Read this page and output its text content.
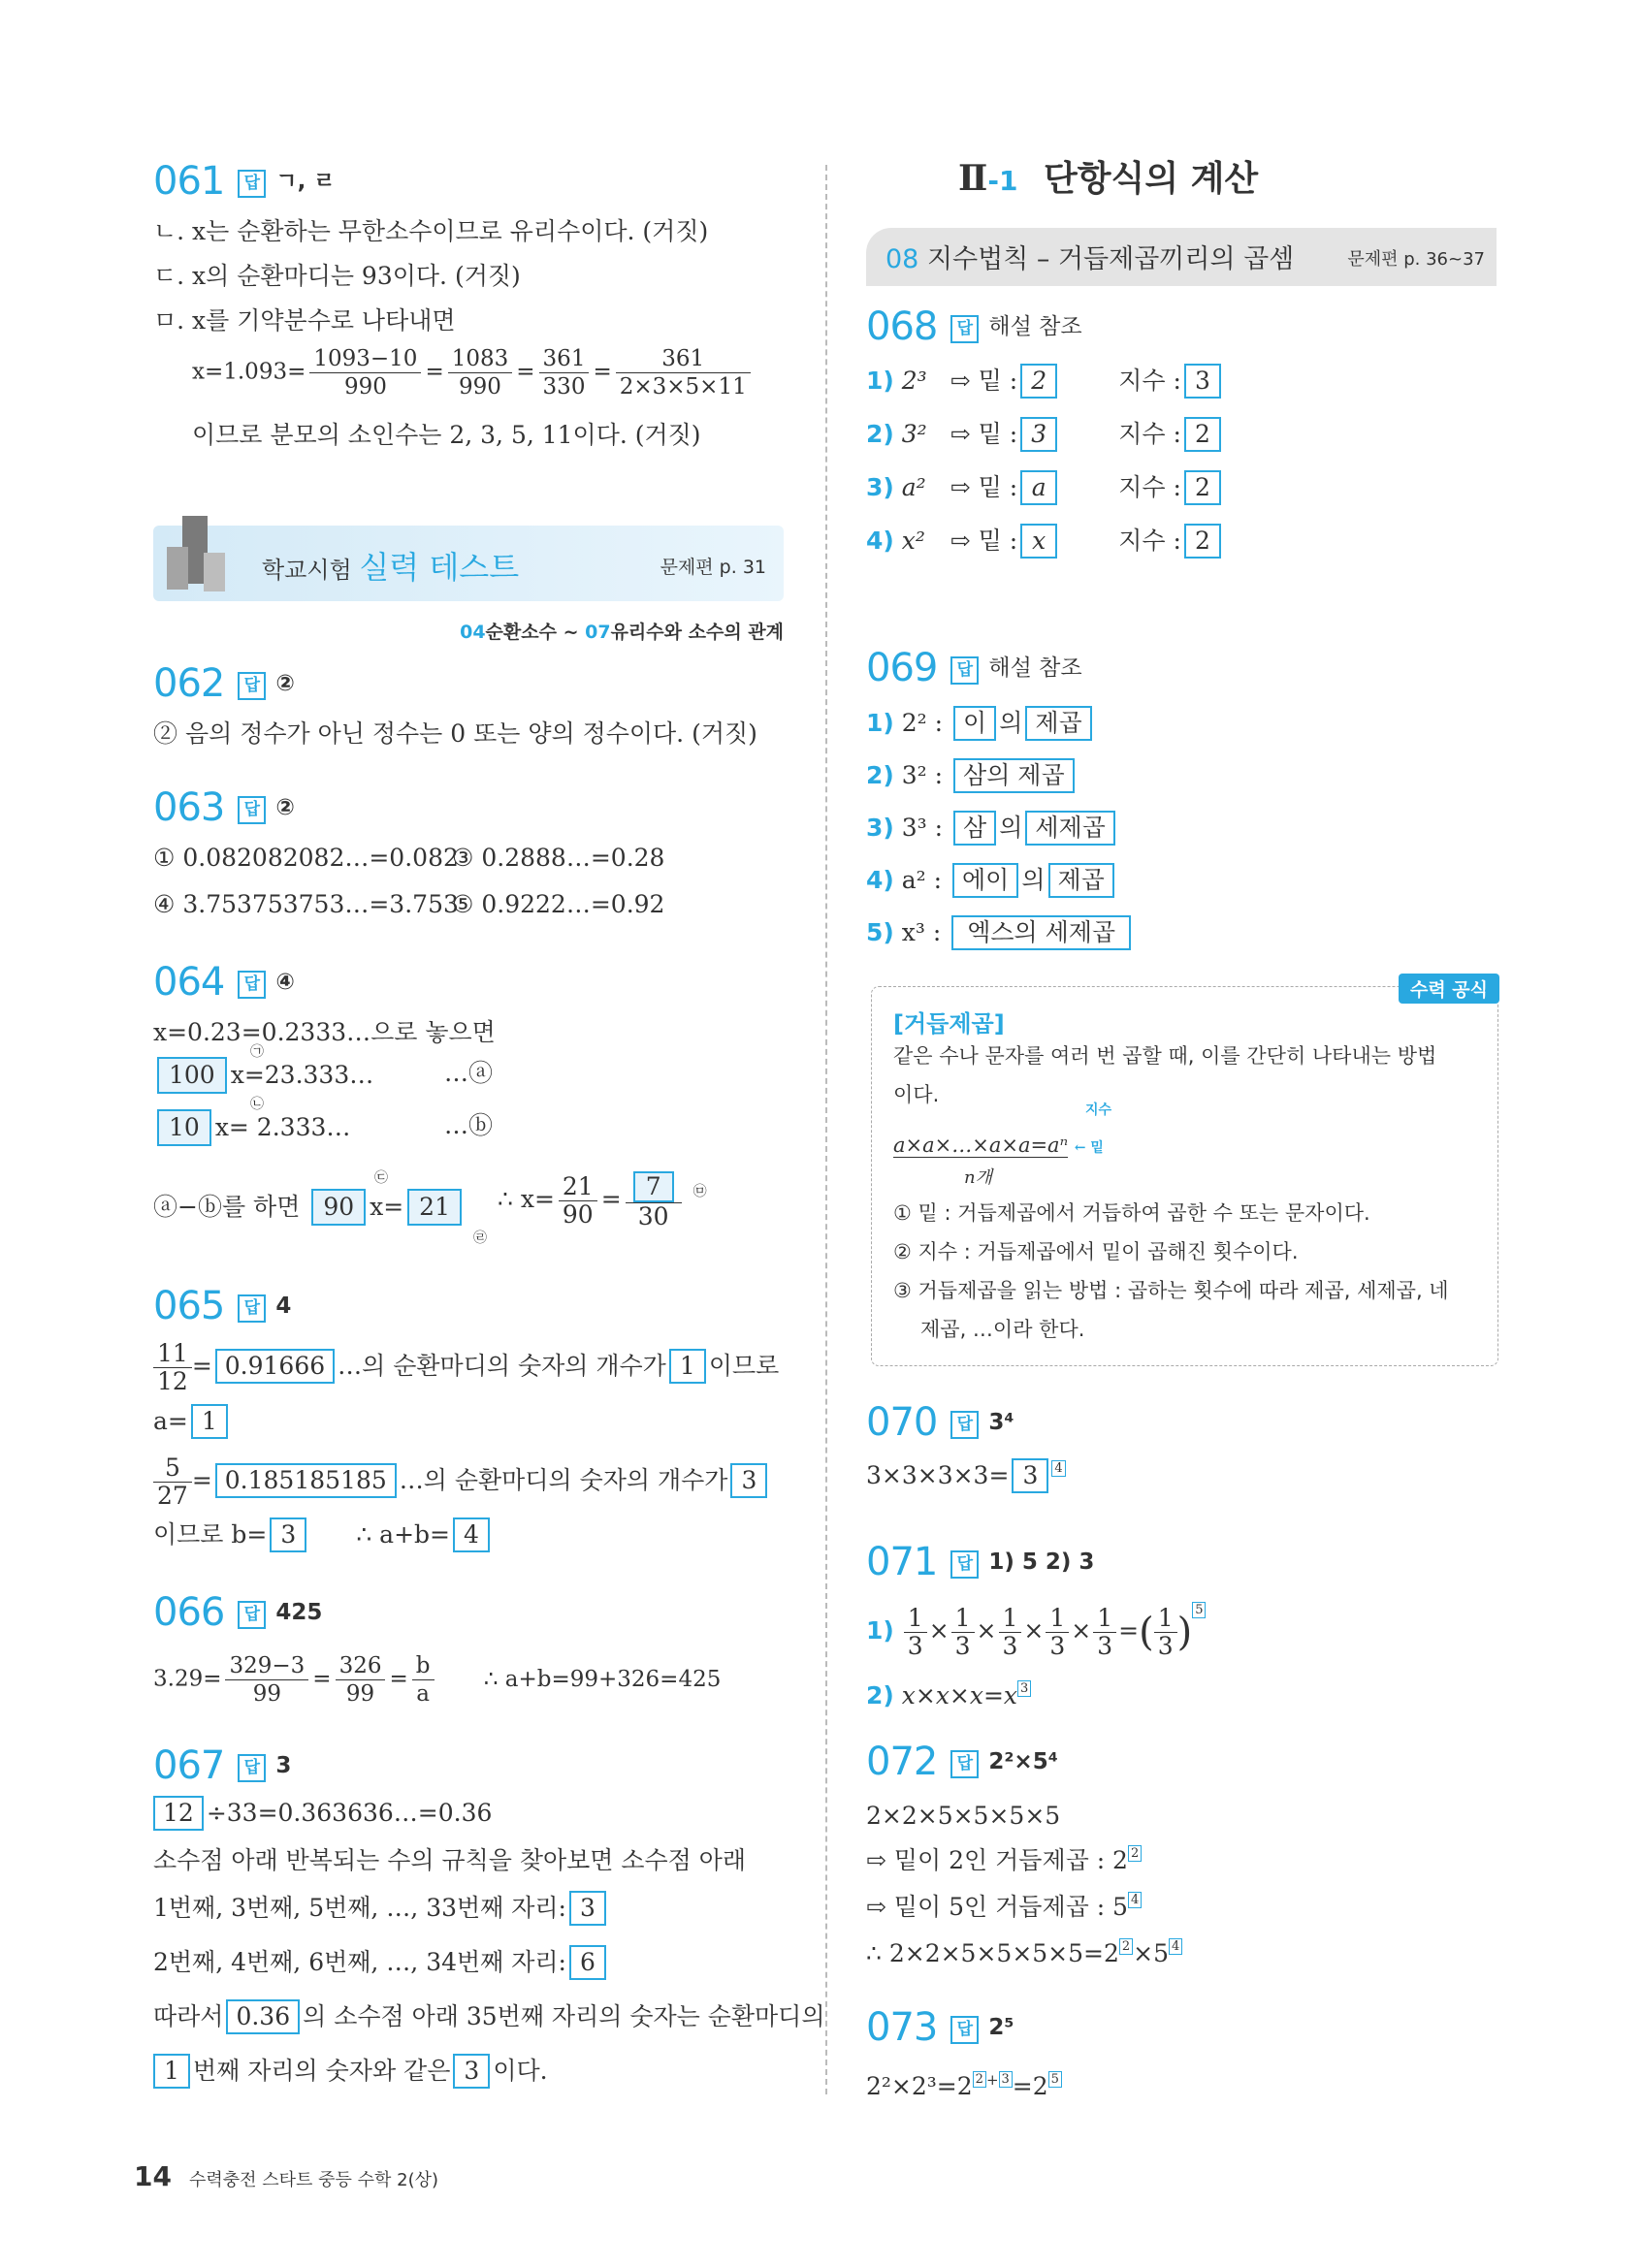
061 답 ㄱ, ㄹ
ㄴ. x는 순환하는 무한소수이므로 유리수이다. (거짓)
ㄷ. x의 순환마디는 93이다. (거짓)
ㅁ. x를 기약분수로 나타내면
$x=1.093= \frac{1093-10}{990} = \frac{1083}{990} = \frac{361}{330} = \frac{361}{2\times 3\times 5\times 11}$
이므로 분모의 소인수는 2, 3, 5, 11이다. (거짓)
학교시험 실력 테스트	문제편 p. 31
04순환소수 ~ 07유리수와 소수의 관계
062 답 ②
② 음의 정수가 아닌 정수는 0 또는 양의 정수이다. (거짓)
063 답 ②
① 0.082082082…=0.082
③ 0.2888…=0.28
④ 3.753753753…=3.753
⑤ 0.9222…=0.92
064 답 ④
x=0.23=0.2333…으로 놓으면
100 x=23.333…
㉠
…ⓐ
10 x= 2.333…
㉡
…ⓑ
ⓐ−ⓑ를 하면 90 x= 21
㉢
㉣
∴ $x= \frac{21}{90} = \frac{7}{30} ^㉤$
065 답 4
$\frac{11}{12} = 0.91666$ …의 순환마디의 숫자의 개수가 1 이므로
a= 1
$\frac{5}{27} = 0.185185185$ …의 순환마디의 숫자의 개수가 3
이므로 b= 3 ∴ a+b= 4
066 답 425
$3.29= \frac{329-3}{99} = \frac{326}{99} = \frac{b}{a}$ ∴ a+b=99+326=425
067 답 3
12 ÷33=0.363636…=0.36
소수점 아래 반복되는 수의 규칙을 찾아보면 소수점 아래
1번째, 3번째, 5번째, …, 33번째 자리: 3
2번째, 4번째, 6번째, …, 34번째 자리: 6
따라서 0.36 의 소수점 아래 35번째 자리의 숫자는 순환마디의
1 번째 자리의 숫자와 같은 3 이다.
Ⅱ-1 단항식의 계산
08 지수법칙 – 거듭제곱끼리의 곱셈	문제편 p. 36~37
068 답 해설 참조
1) 2³ ⇨ 밑 : 2	지수 : 3
2) 3² ⇨ 밑 : 3	지수 : 2
3) a² ⇨ 밑 : a	지수 : 2
4) x² ⇨ 밑 : x	지수 : 2
069 답 해설 참조
1) 2² : 이 의 제곱
2) 3² : 삼의 제곱
3) 3³ : 삼 의 세제곱
4) a² : 에이 의 제곱
5) x³ : 엑스의 세제곱
수력 공식
[거듭제곱]
같은 수나 문자를 여러 번 곱할 때, 이를 간단히 나타내는 방법
이다.
지수
a×a×…×a×a=aⁿ ← 밑
n개
① 밑 : 거듭제곱에서 거듭하여 곱한 수 또는 문자이다.
② 지수 : 거듭제곱에서 밑이 곱해진 횟수이다.
③ 거듭제곱을 읽는 방법 : 곱하는 횟수에 따라 제곱, 세제곱, 네
제곱, …이라 한다.
070 답 3⁴
3×3×3×3= 3 4
071 답 1) 5 2) 3
$1) \frac{1}{3} \times \frac{1}{3} \times \frac{1}{3} \times \frac{1}{3} \times \frac{1}{3}$ =( $\frac{1}{3}$ ) 5
2) x×x×x=x 3
072 답 2²×5⁴
2×2×5×5×5×5
⇨ 밑이 2인 거듭제곱 : 2 2
⇨ 밑이 5인 거듭제곱 : 5 4
∴ 2×2×5×5×5×5=2 2 ×5 4
073 답 2⁵
2²×2³=2 2 + 3 =2 5
14 수력충전 스타트 중등 수학 2(상)
